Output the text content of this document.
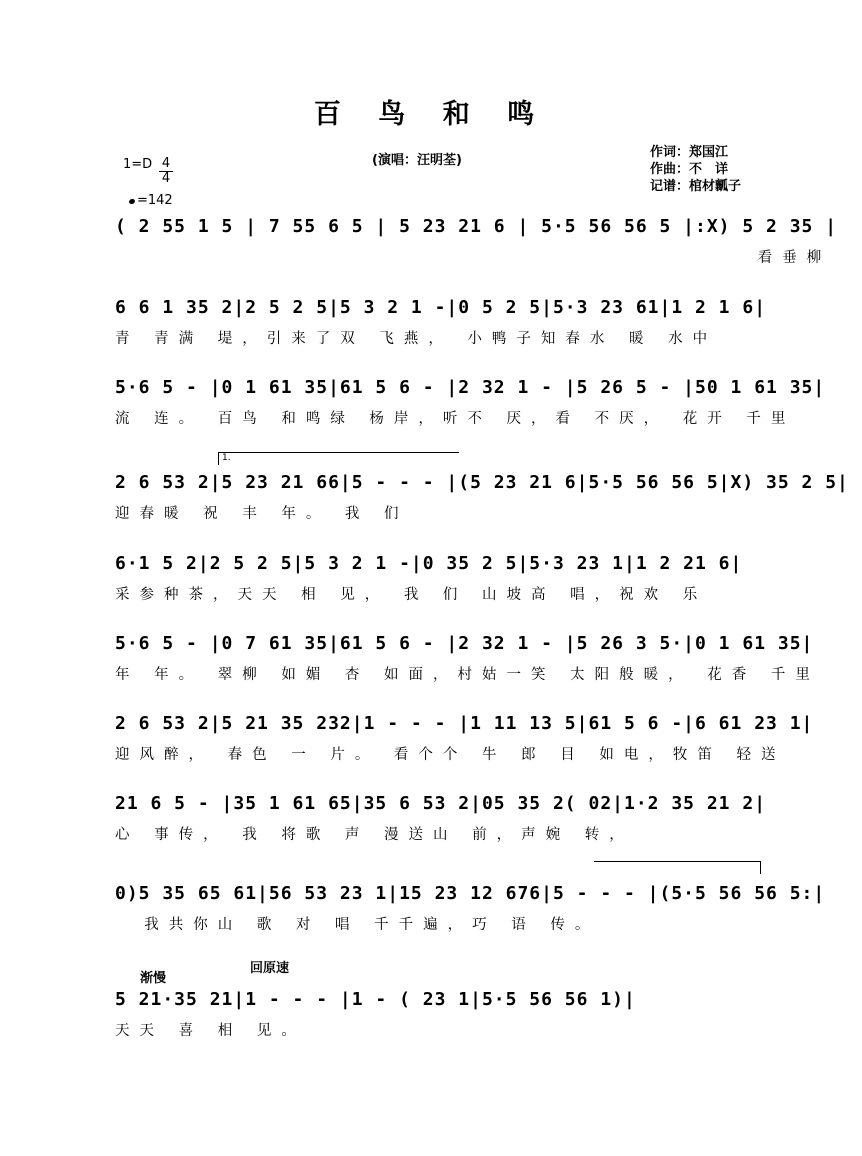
百 鸟 和 鸣
(演唱：汪明荃)
作词：郑国江
作曲：不　详
记谱：棺材瓤子
$1=D \frac{4}{4}$
=142
1.
渐慢
回原速
( 2 55 1 5 | 7 55 6 5 | 5 23 21 6 | 5·5 56 56 5 |:X) 5 2 35 |
看垂柳
6 6 1 35 2|2 5 2 5|5 3 2 1 -|0 5 2 5|5·3 23 61|1 2 1 6|
青 青满 堤，引来了双 飞燕， 小鸭子知春水 暖 水中
5·6 5 - |0 1 61 35|61 5 6 - |2 32 1 - |5 26 5 - |50 1 61 35|
流 连。 百鸟 和鸣绿 杨岸，听不 厌，看 不厌， 花开 千里
2 6 53 2|5 23 21 66|5 - - - |(5 23 21 6|5·5 56 56 5|X) 35 2 5|
迎春暖 祝 丰 年。 我 们
6·1 5 2|2 5 2 5|5 3 2 1 -|0 35 2 5|5·3 23 1|1 2 21 6|
采参种茶，天天 相 见， 我 们 山坡高 唱，祝欢 乐
5·6 5 - |0 7 61 35|61 5 6 - |2 32 1 - |5 26 3 5·|0 1 61 35|
年 年。 翠柳 如媚 杏 如面，村姑一笑 太阳般暖， 花香 千里
2 6 53 2|5 21 35 232|1 - - - |1 11 13 5|61 5 6 -|6 61 23 1|
迎风醉， 春色 一 片。 看个个 牛 郎 目 如电，牧笛 轻送
21 6 5 - |35 1 61 65|35 6 53 2|05 35 2( 02|1·2 35 21 2|
心 事传， 我 将歌 声 漫送山 前，声婉 转，
0)5 35 65 61|56 53 23 1|15 23 12 676|5 - - - |(5·5 56 56 5:|
我共你山 歌 对 唱 千千遍，巧 语 传。
5 21·35 21|1 - - - |1 - ( 23 1|5·5 56 56 1)|
天天 喜 相 见。
